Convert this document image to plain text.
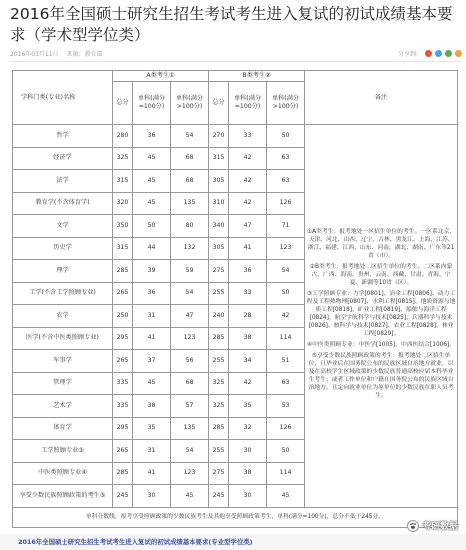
2016年全国硕士研究生招生考试考生进入复试的初试成绩基本要求（学术型学位类）
2016年03月11日 来源：教育部	分享到：
学科门类(专业)名称	A类考生①			B类考生②			备注
	总分	单科(满分=100分)	单科(满分>100分)	总分	单科(满分=100分)	单科(满分>100分)	
哲学	280	36	54	270	33	50	①A类考生：报考地处一区招生单位的考生。一区系北京、天津、河北、山西、辽宁、吉林、黑龙江、上海、江苏、浙江、福建、江西、山东、河南、湖北、湖南、广东等21省（市）。

②B类考生：报考地处二区招生单位的考生。二区系内蒙古、广西、海南、贵州、云南、西藏、甘肃、青海、宁夏、新疆等10省（区）。

③工学照顾专业：力学[0801]、冶金工程[0806]、动力工程及工程热物理[0807]、水利工程[0815]、地质资源与地质工程[0818]、矿业工程[0819]、船舶与海洋工程[0824]、航空宇航科学与技术[0825]、兵器科学与技术[0826]、核科学与技术[0827]、农业工程[0828]、林业工程[0829]。

④中医类照顾专业：中医学[1005]、中西医结合[1006]。

⑤享受少数民族照顾政策的考生：报考地处二区招生单位，且毕业后在国务院公布的民族区域自治地方就业，以及在高校学生区域政策的少数民族普通高校应届本科毕业生考生；或者工作单位和户籍在国务院公布的民族区域自治地方，且定向就业单位为原单位的少数民族在职人员考生。

经济学	325	45	68	315	42	63	
法学	315	45	68	305	42	63	
教育学(不含体育学)	320	45	135	310	42	126	
文学	350	50	80	340	47	71	
历史学	315	44	132	305	41	123	
理学	285	39	59	275	36	54	
工学(不含工学照顾专业)	265	36	54	255	33	50	
农学	250	31	47	240	28	42	
医学(不含中医类照顾专业)	295	41	123	285	38	114	
军事学	265	37	56	255	34	51	
管理学	335	45	68	325	42	63	
艺术学	335	38	57	325	35	53	
体育学	295	35	135	285	32	126	
工学照顾专业③	265	31	54	255	30	50	
中医类照顾专业④	285	41	123	275	38	114	
享受少数民族照顾政策的考生⑤	245	30	45	245	30	45	
单科分数线，报考享受照顾政策的少数民族考生及其他享受照顾政策考生，单科(满分=100分)，总分不低于245分。							
2016年全国硕士研究生招生考试考生进入复试的初试成绩基本要求(专业型学位类)
考研数据
